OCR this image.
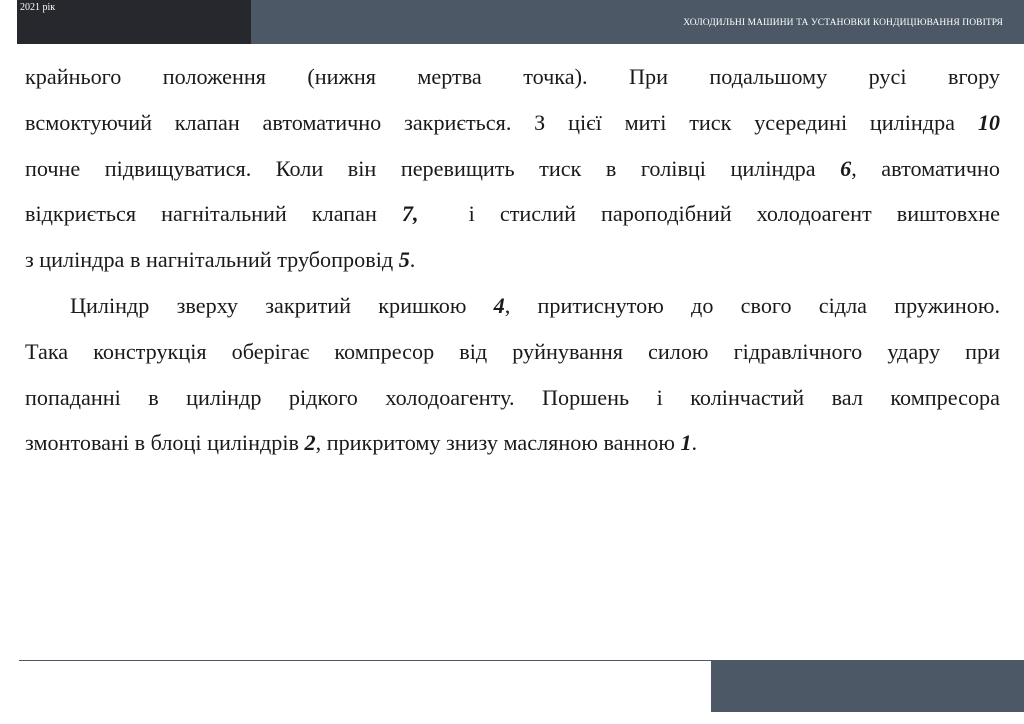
2021 рік
ХОЛОДИЛЬНІ МАШИНИ ТА УСТАНОВКИ КОНДИЦІЮВАННЯ ПОВІТРЯ
крайнього положення (нижня мертва точка). При подальшому русі вгору
всмоктуючий клапан автоматично закриється. З цієї миті тиск усередині циліндра 10
почне підвищуватися. Коли він перевищить тиск в голівці циліндра 6, автоматично
відкриється нагнітальний клапан 7,  і стислий пароподібний холодоагент виштовхне
з циліндра в нагнітальний трубопровід 5.
Циліндр зверху закритий кришкою 4, притиснутою до свого сідла пружиною.
Така конструкція оберігає компресор від руйнування силою гідравлічного удару при
попаданні в циліндр рідкого холодоагенту. Поршень і колінчастий вал компресора
змонтовані в блоці циліндрів 2, прикритому знизу масляною ванною 1.
